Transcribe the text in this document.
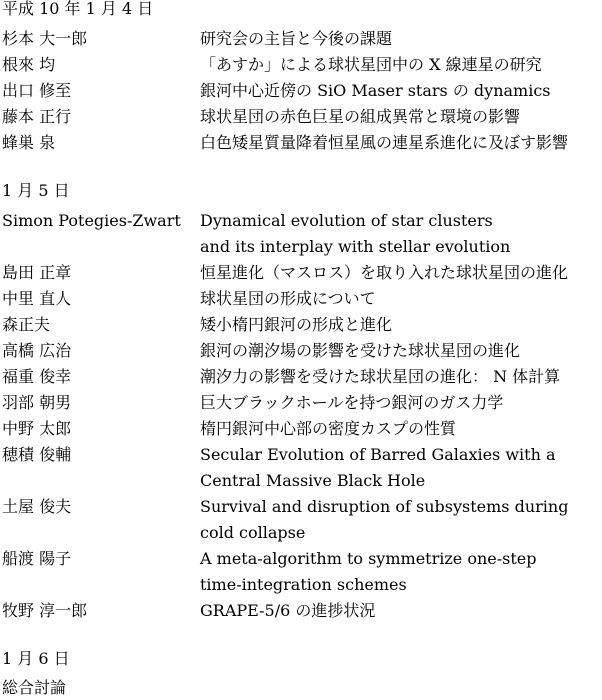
平成 10 年 1 月 4 日
杉本 大一郎	研究会の主旨と今後の課題
根來 均	「あすか」による球状星団中の X 線連星の研究
出口 修至	銀河中心近傍の SiO Maser stars の dynamics
藤本 正行	球状星団の赤色巨星の組成異常と環境の影響
蜂巣 泉	白色矮星質量降着恒星風の連星系進化に及ぼす影響
1 月 5 日
Simon Potegies-Zwart	Dynamical evolution of star clusters
and its interplay with stellar evolution
島田 正章	恒星進化（マスロス）を取り入れた球状星団の進化
中里 直人	球状星団の形成について
森正夫	矮小楕円銀河の形成と進化
高橋 広治	銀河の潮汐場の影響を受けた球状星団の進化
福重 俊幸	潮汐力の影響を受けた球状星団の進化： N 体計算
羽部 朝男	巨大ブラックホールを持つ銀河のガス力学
中野 太郎	楕円銀河中心部の密度カスプの性質
穂積 俊輔	Secular Evolution of Barred Galaxies with a
Central Massive Black Hole
土屋 俊夫	Survival and disruption of subsystems during
cold collapse
船渡 陽子	A meta-algorithm to symmetrize one-step
time-integration schemes
牧野 淳一郎	GRAPE-5/6 の進捗状況
1 月 6 日
総合討論
